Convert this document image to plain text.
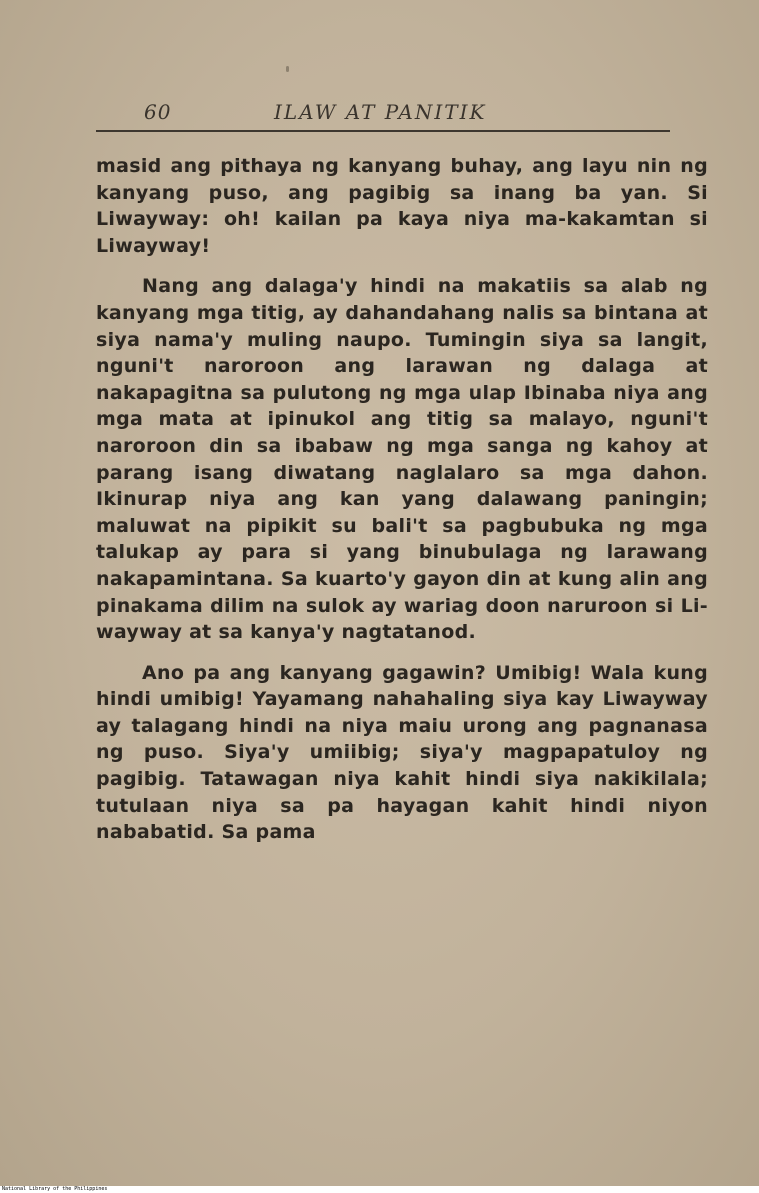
60	ILAW AT PANITIK

masid ang pithaya ng kanyang buhay, ang layu nin ng kanyang puso, ang pagibig sa inang ba yan. Si Liwayway: oh! kailan pa kaya niya ma-kakamtan si Liwayway!

Nang ang dalaga'y hindi na makatiis sa alab ng kanyang mga titig, ay dahandahang nalis sa bintana at siya nama'y muling naupo. Tumingin siya sa langit, nguni't naroroon ang larawan ng dalaga at nakapagitna sa pulutong ng mga ulap Ibinaba niya ang mga mata at ipinukol ang titig sa malayo, nguni't naroroon din sa ibabaw ng mga sanga ng kahoy at parang isang diwatang naglalaro sa mga dahon. Ikinurap niya ang kan yang dalawang paningin; maluwat na pipikit su bali't sa pagbubuka ng mga talukap ay para si yang binubulaga ng larawang nakapamintana. Sa kuarto'y gayon din at kung alin ang pinakama dilim na sulok ay wariag doon naruroon si Li-wayway at sa kanya'y nagtatanod.

Ano pa ang kanyang gagawin? Umibig! Wala kung hindi umibig! Yayamang nahahaling siya kay Liwayway ay talagang hindi na niya maiu urong ang pagnanasa ng puso. Siya'y umiibig; siya'y magpapatuloy ng pagibig. Tatawagan niya kahit hindi siya nakikilala; tutulaan niya sa pa hayagan kahit hindi niyon nababatid. Sa pama

National Library of the Philippines
